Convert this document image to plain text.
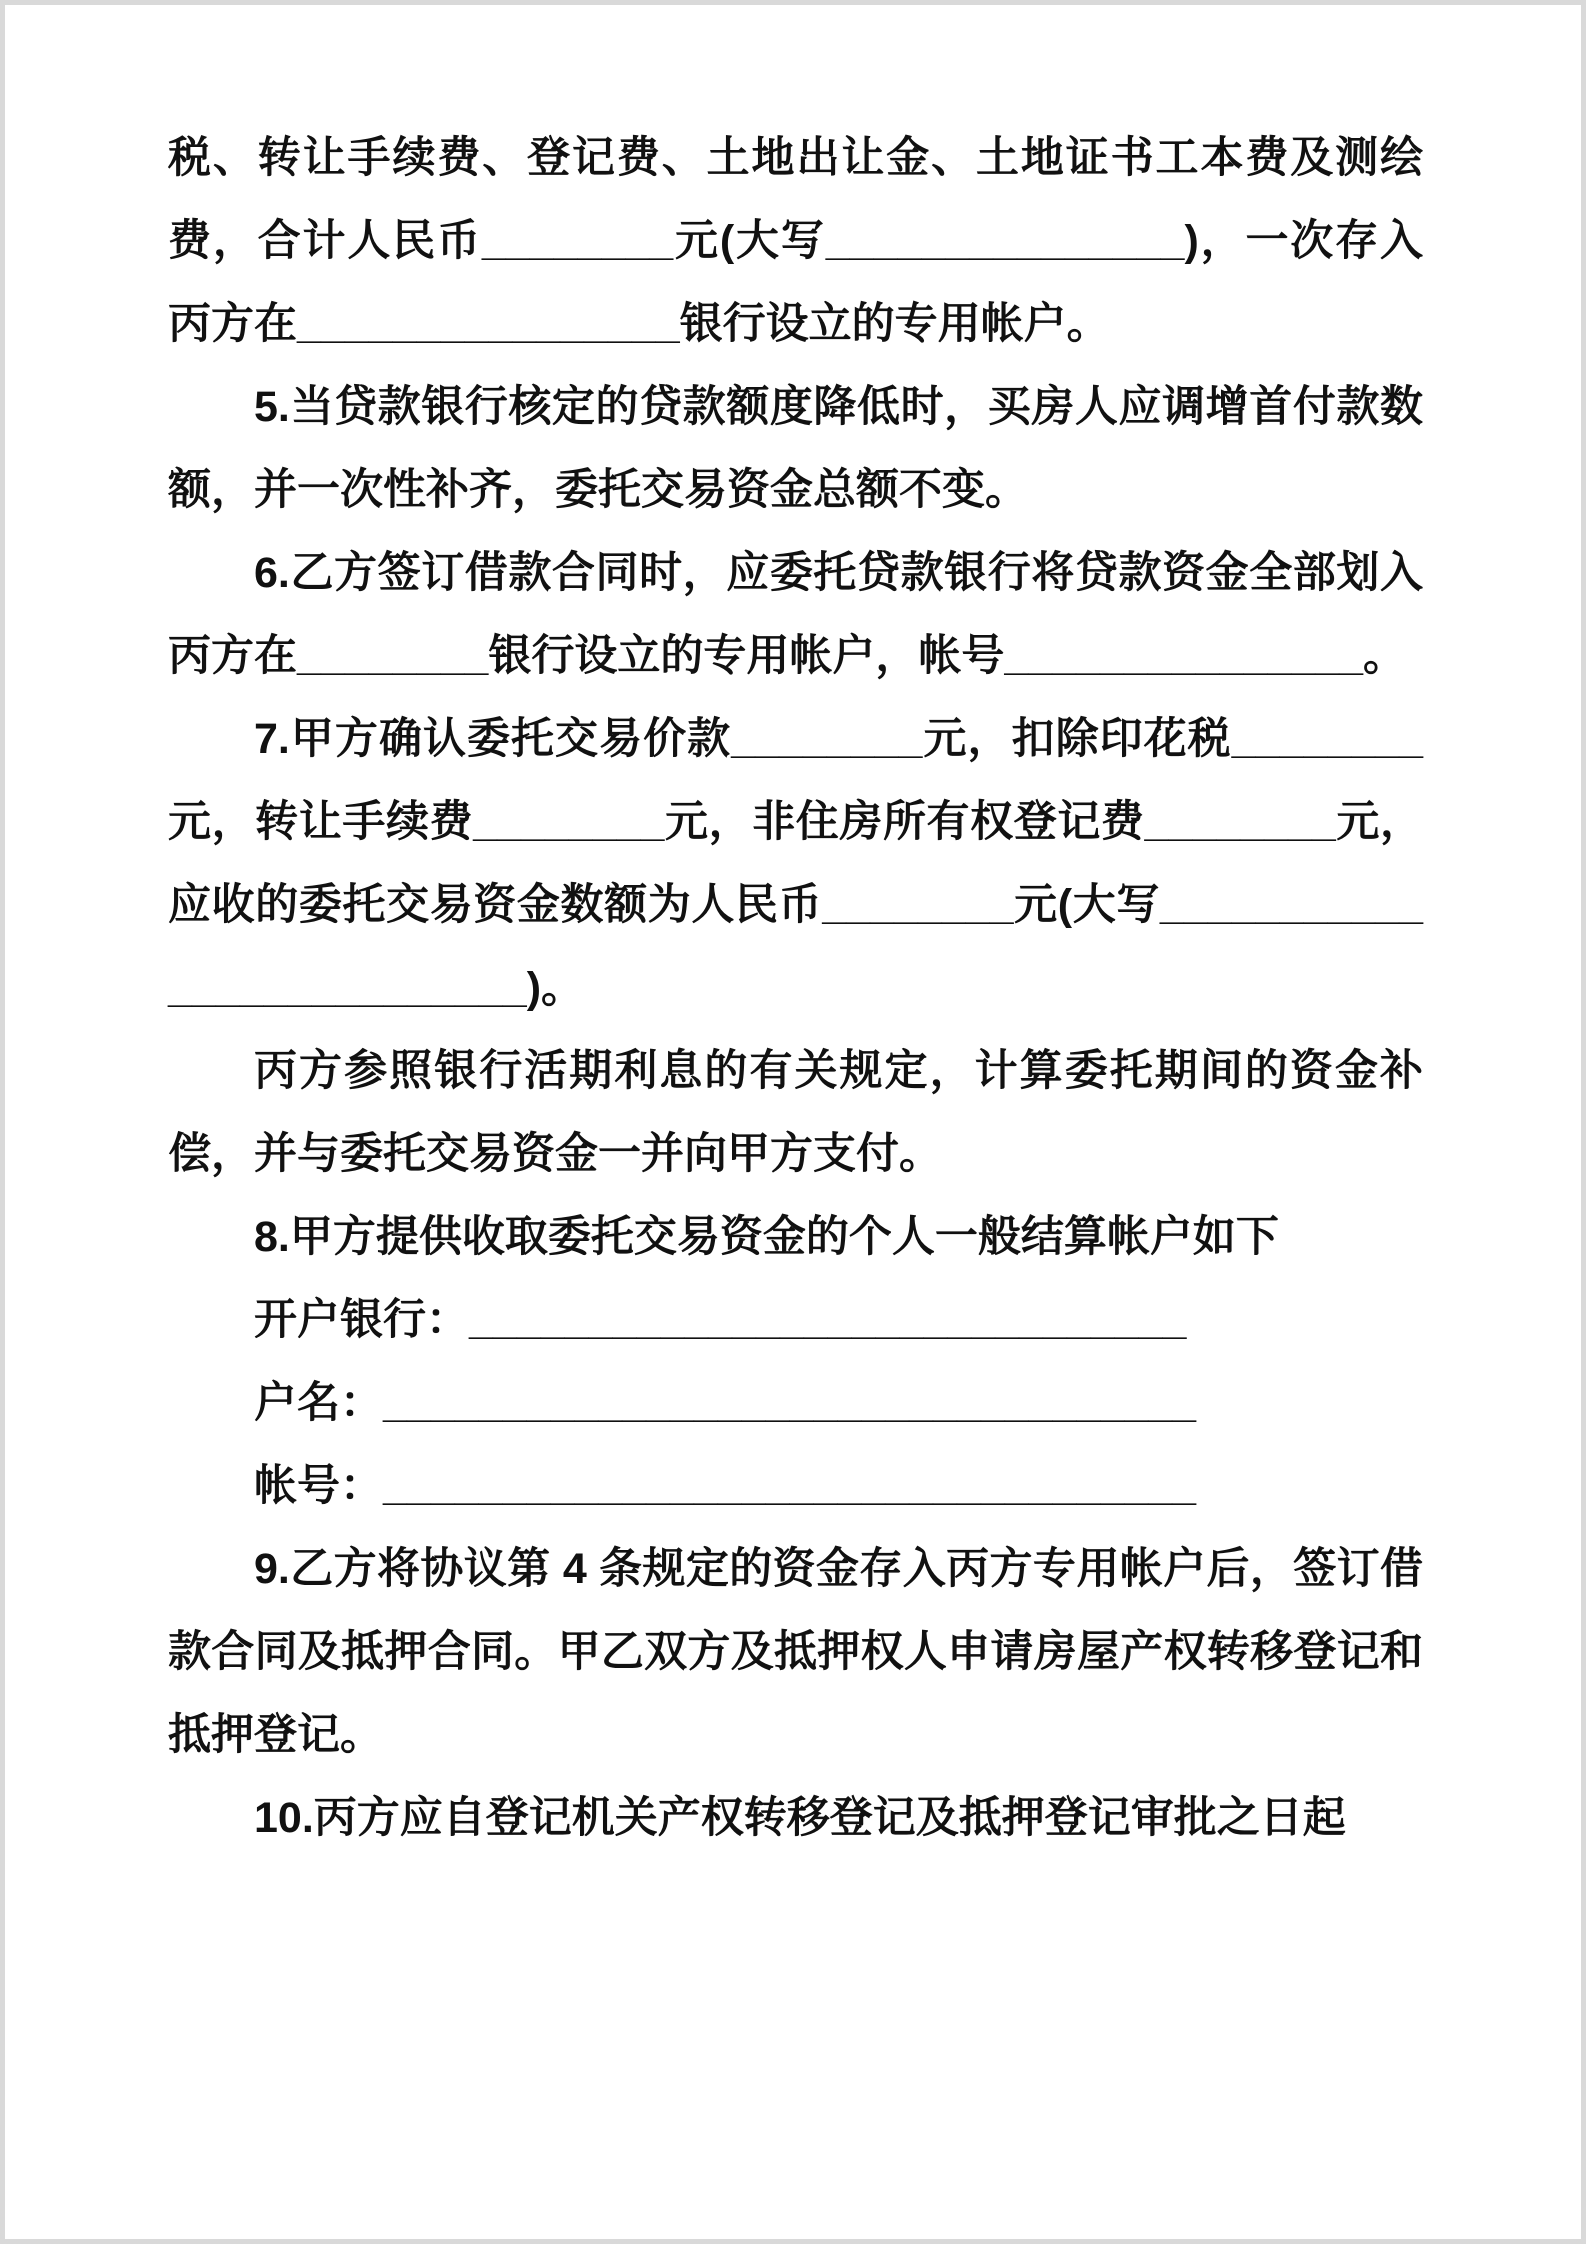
税、转让手续费、登记费、土地出让金、土地证书工本费及测绘费，合计人民币________元(大写_______________)，一次存入丙方在________________银行设立的专用帐户。

5.当贷款银行核定的贷款额度降低时，买房人应调增首付款数额，并一次性补齐，委托交易资金总额不变。

6.乙方签订借款合同时，应委托贷款银行将贷款资金全部划入丙方在________银行设立的专用帐户，帐号_______________。

7.甲方确认委托交易价款________元，扣除印花税________元，转让手续费________元，非住房所有权登记费________元，应收的委托交易资金数额为人民币________元(大写__________________________)。

丙方参照银行活期利息的有关规定，计算委托期间的资金补偿，并与委托交易资金一并向甲方支付。

8.甲方提供收取委托交易资金的个人一般结算帐户如下

开户银行：______________________________

户名：__________________________________

帐号：__________________________________

9.乙方将协议第 4 条规定的资金存入丙方专用帐户后，签订借款合同及抵押合同。甲乙双方及抵押权人申请房屋产权转移登记和抵押登记。

10.丙方应自登记机关产权转移登记及抵押登记审批之日起
